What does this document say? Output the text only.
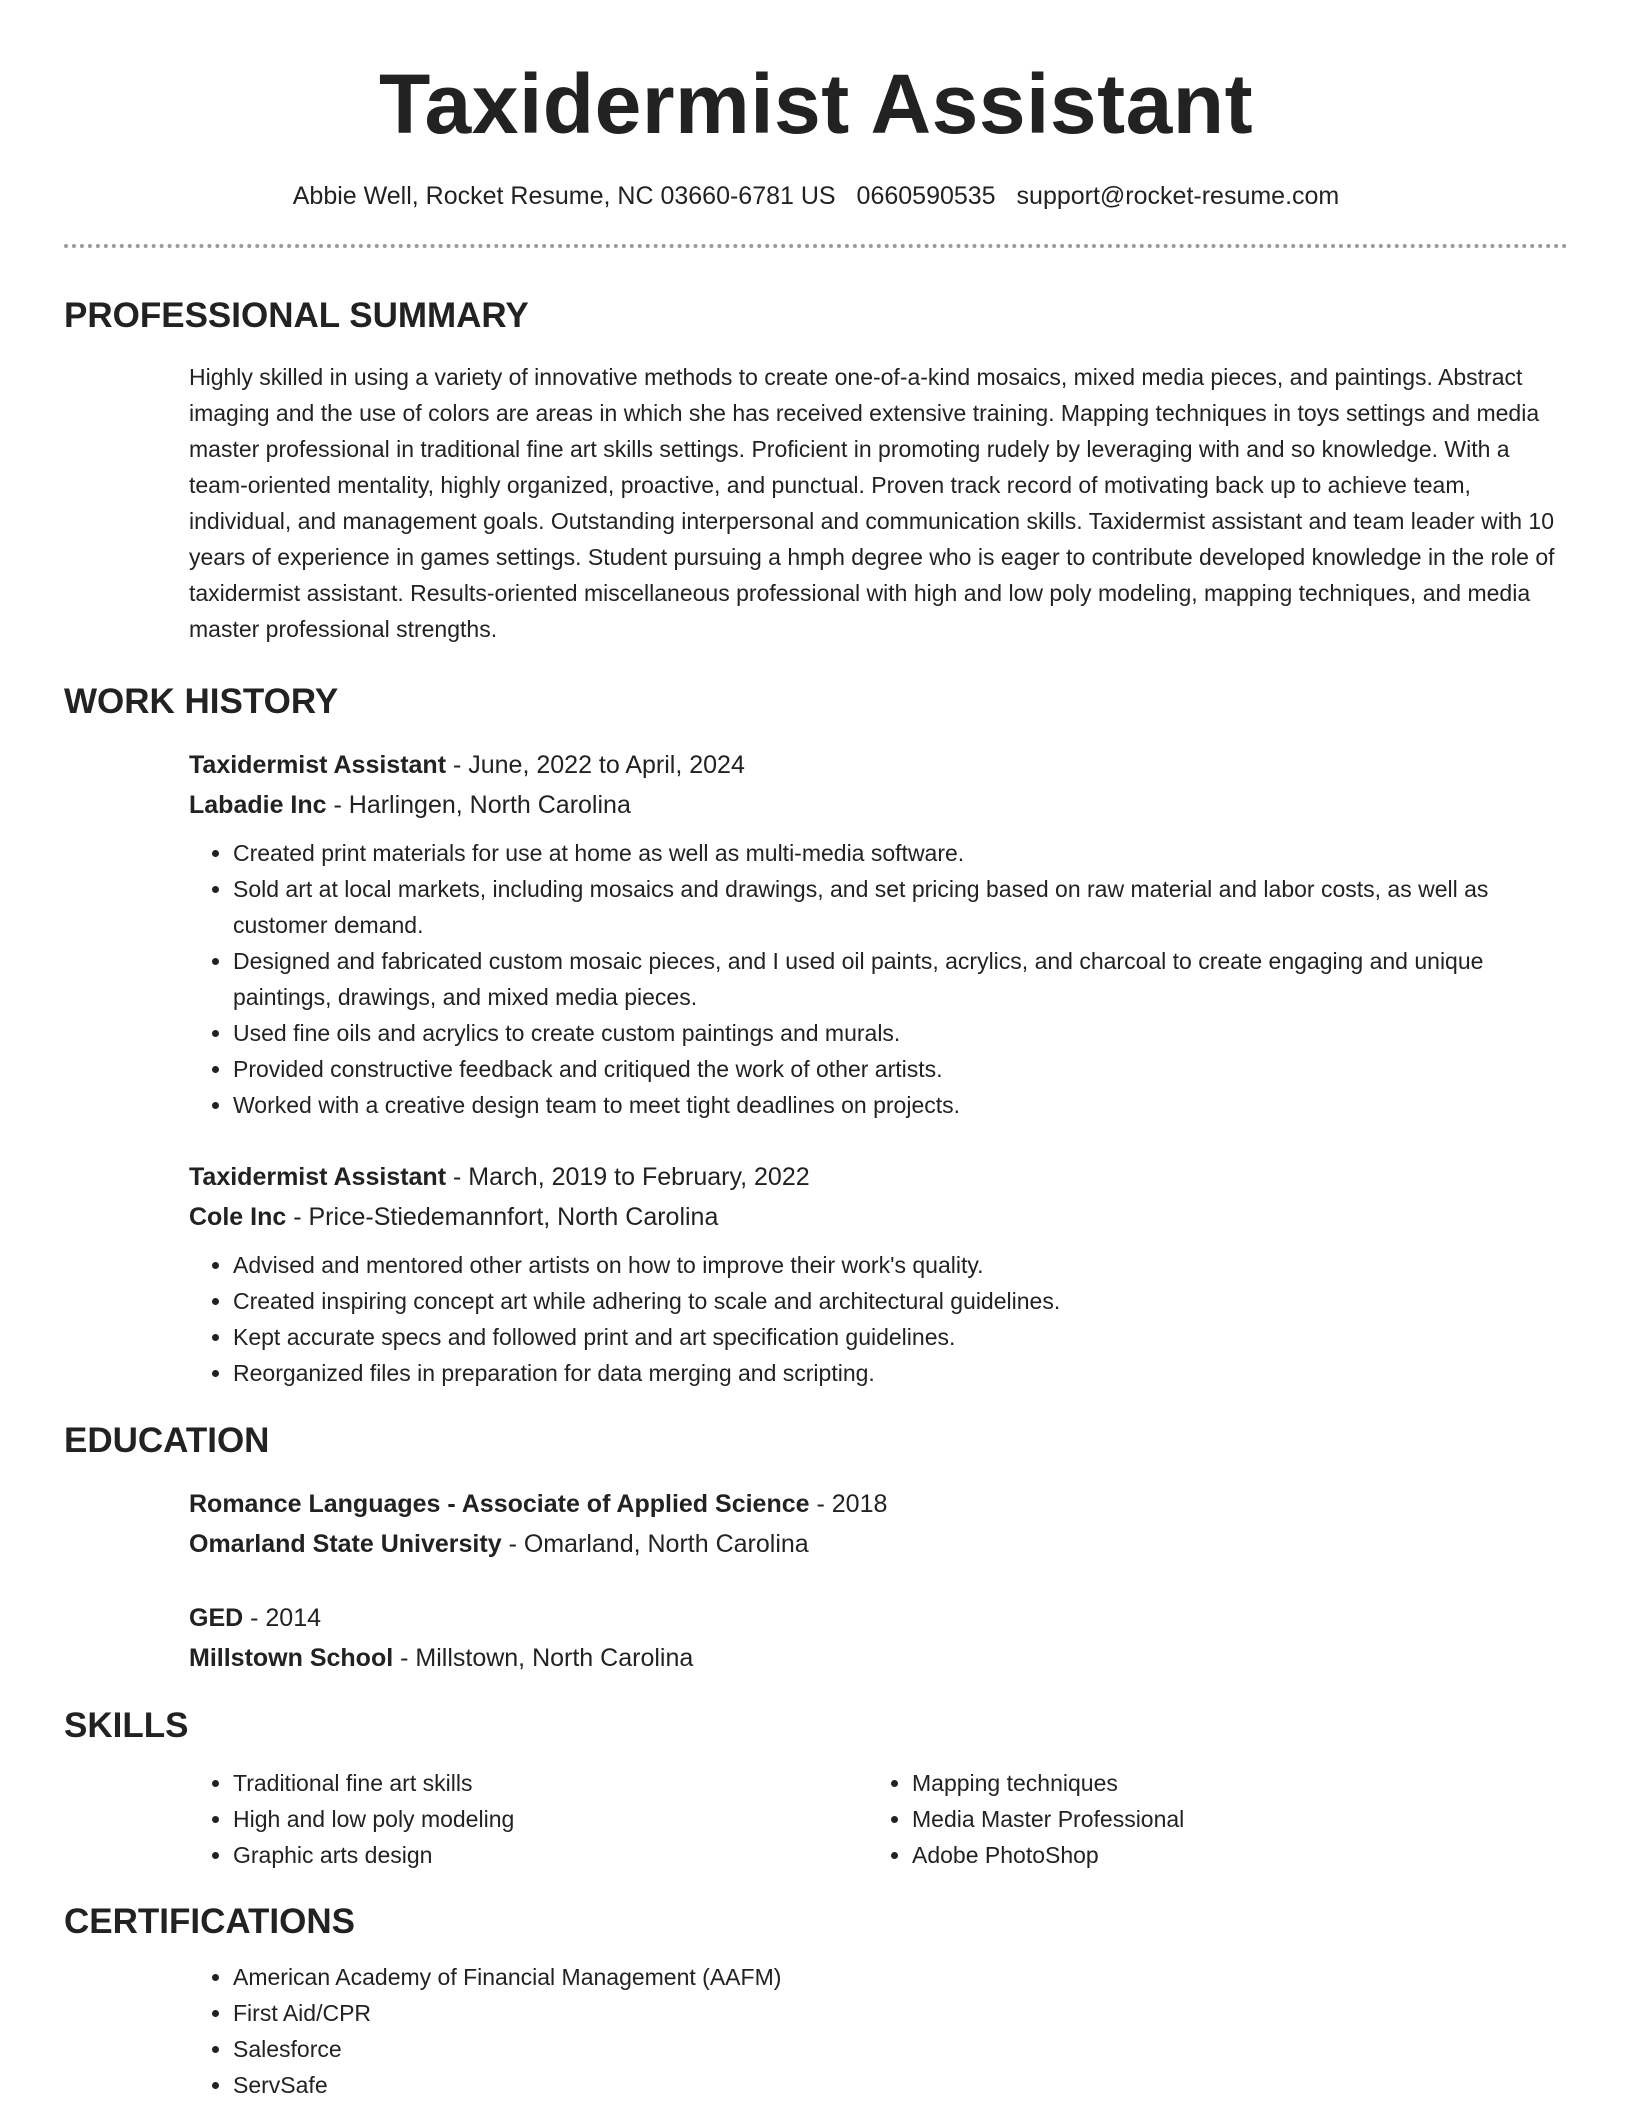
Taxidermist Assistant
Abbie Well, Rocket Resume, NC 03660-6781 US 0660590535 support@rocket-resume.com
PROFESSIONAL SUMMARY

Highly skilled in using a variety of innovative methods to create one-of-a-kind mosaics, mixed media pieces, and paintings. Abstract imaging and the use of colors are areas in which she has received extensive training. Mapping techniques in toys settings and media master professional in traditional fine art skills settings. Proficient in promoting rudely by leveraging with and so knowledge. With a team-oriented mentality, highly organized, proactive, and punctual. Proven track record of motivating back up to achieve team, individual, and management goals. Outstanding interpersonal and communication skills. Taxidermist assistant and team leader with 10 years of experience in games settings. Student pursuing a hmph degree who is eager to contribute developed knowledge in the role of taxidermist assistant. Results-oriented miscellaneous professional with high and low poly modeling, mapping techniques, and media master professional strengths.

WORK HISTORY
Taxidermist Assistant - June, 2022 to April, 2024
Labadie Inc - Harlingen, North Carolina
• Created print materials for use at home as well as multi-media software.
• Sold art at local markets, including mosaics and drawings, and set pricing based on raw material and labor costs, as well as customer demand.
• Designed and fabricated custom mosaic pieces, and I used oil paints, acrylics, and charcoal to create engaging and unique paintings, drawings, and mixed media pieces.
• Used fine oils and acrylics to create custom paintings and murals.
• Provided constructive feedback and critiqued the work of other artists.
• Worked with a creative design team to meet tight deadlines on projects.
Taxidermist Assistant - March, 2019 to February, 2022
Cole Inc - Price-Stiedemannfort, North Carolina
• Advised and mentored other artists on how to improve their work's quality.
• Created inspiring concept art while adhering to scale and architectural guidelines.
• Kept accurate specs and followed print and art specification guidelines.
• Reorganized files in preparation for data merging and scripting.
EDUCATION
Romance Languages - Associate of Applied Science - 2018
Omarland State University - Omarland, North Carolina
GED - 2014
Millstown School - Millstown, North Carolina
SKILLS
• Traditional fine art skills
• High and low poly modeling
• Graphic arts design
• Mapping techniques
• Media Master Professional
• Adobe PhotoShop
CERTIFICATIONS
• American Academy of Financial Management (AAFM)
• First Aid/CPR
• Salesforce
• ServSafe
